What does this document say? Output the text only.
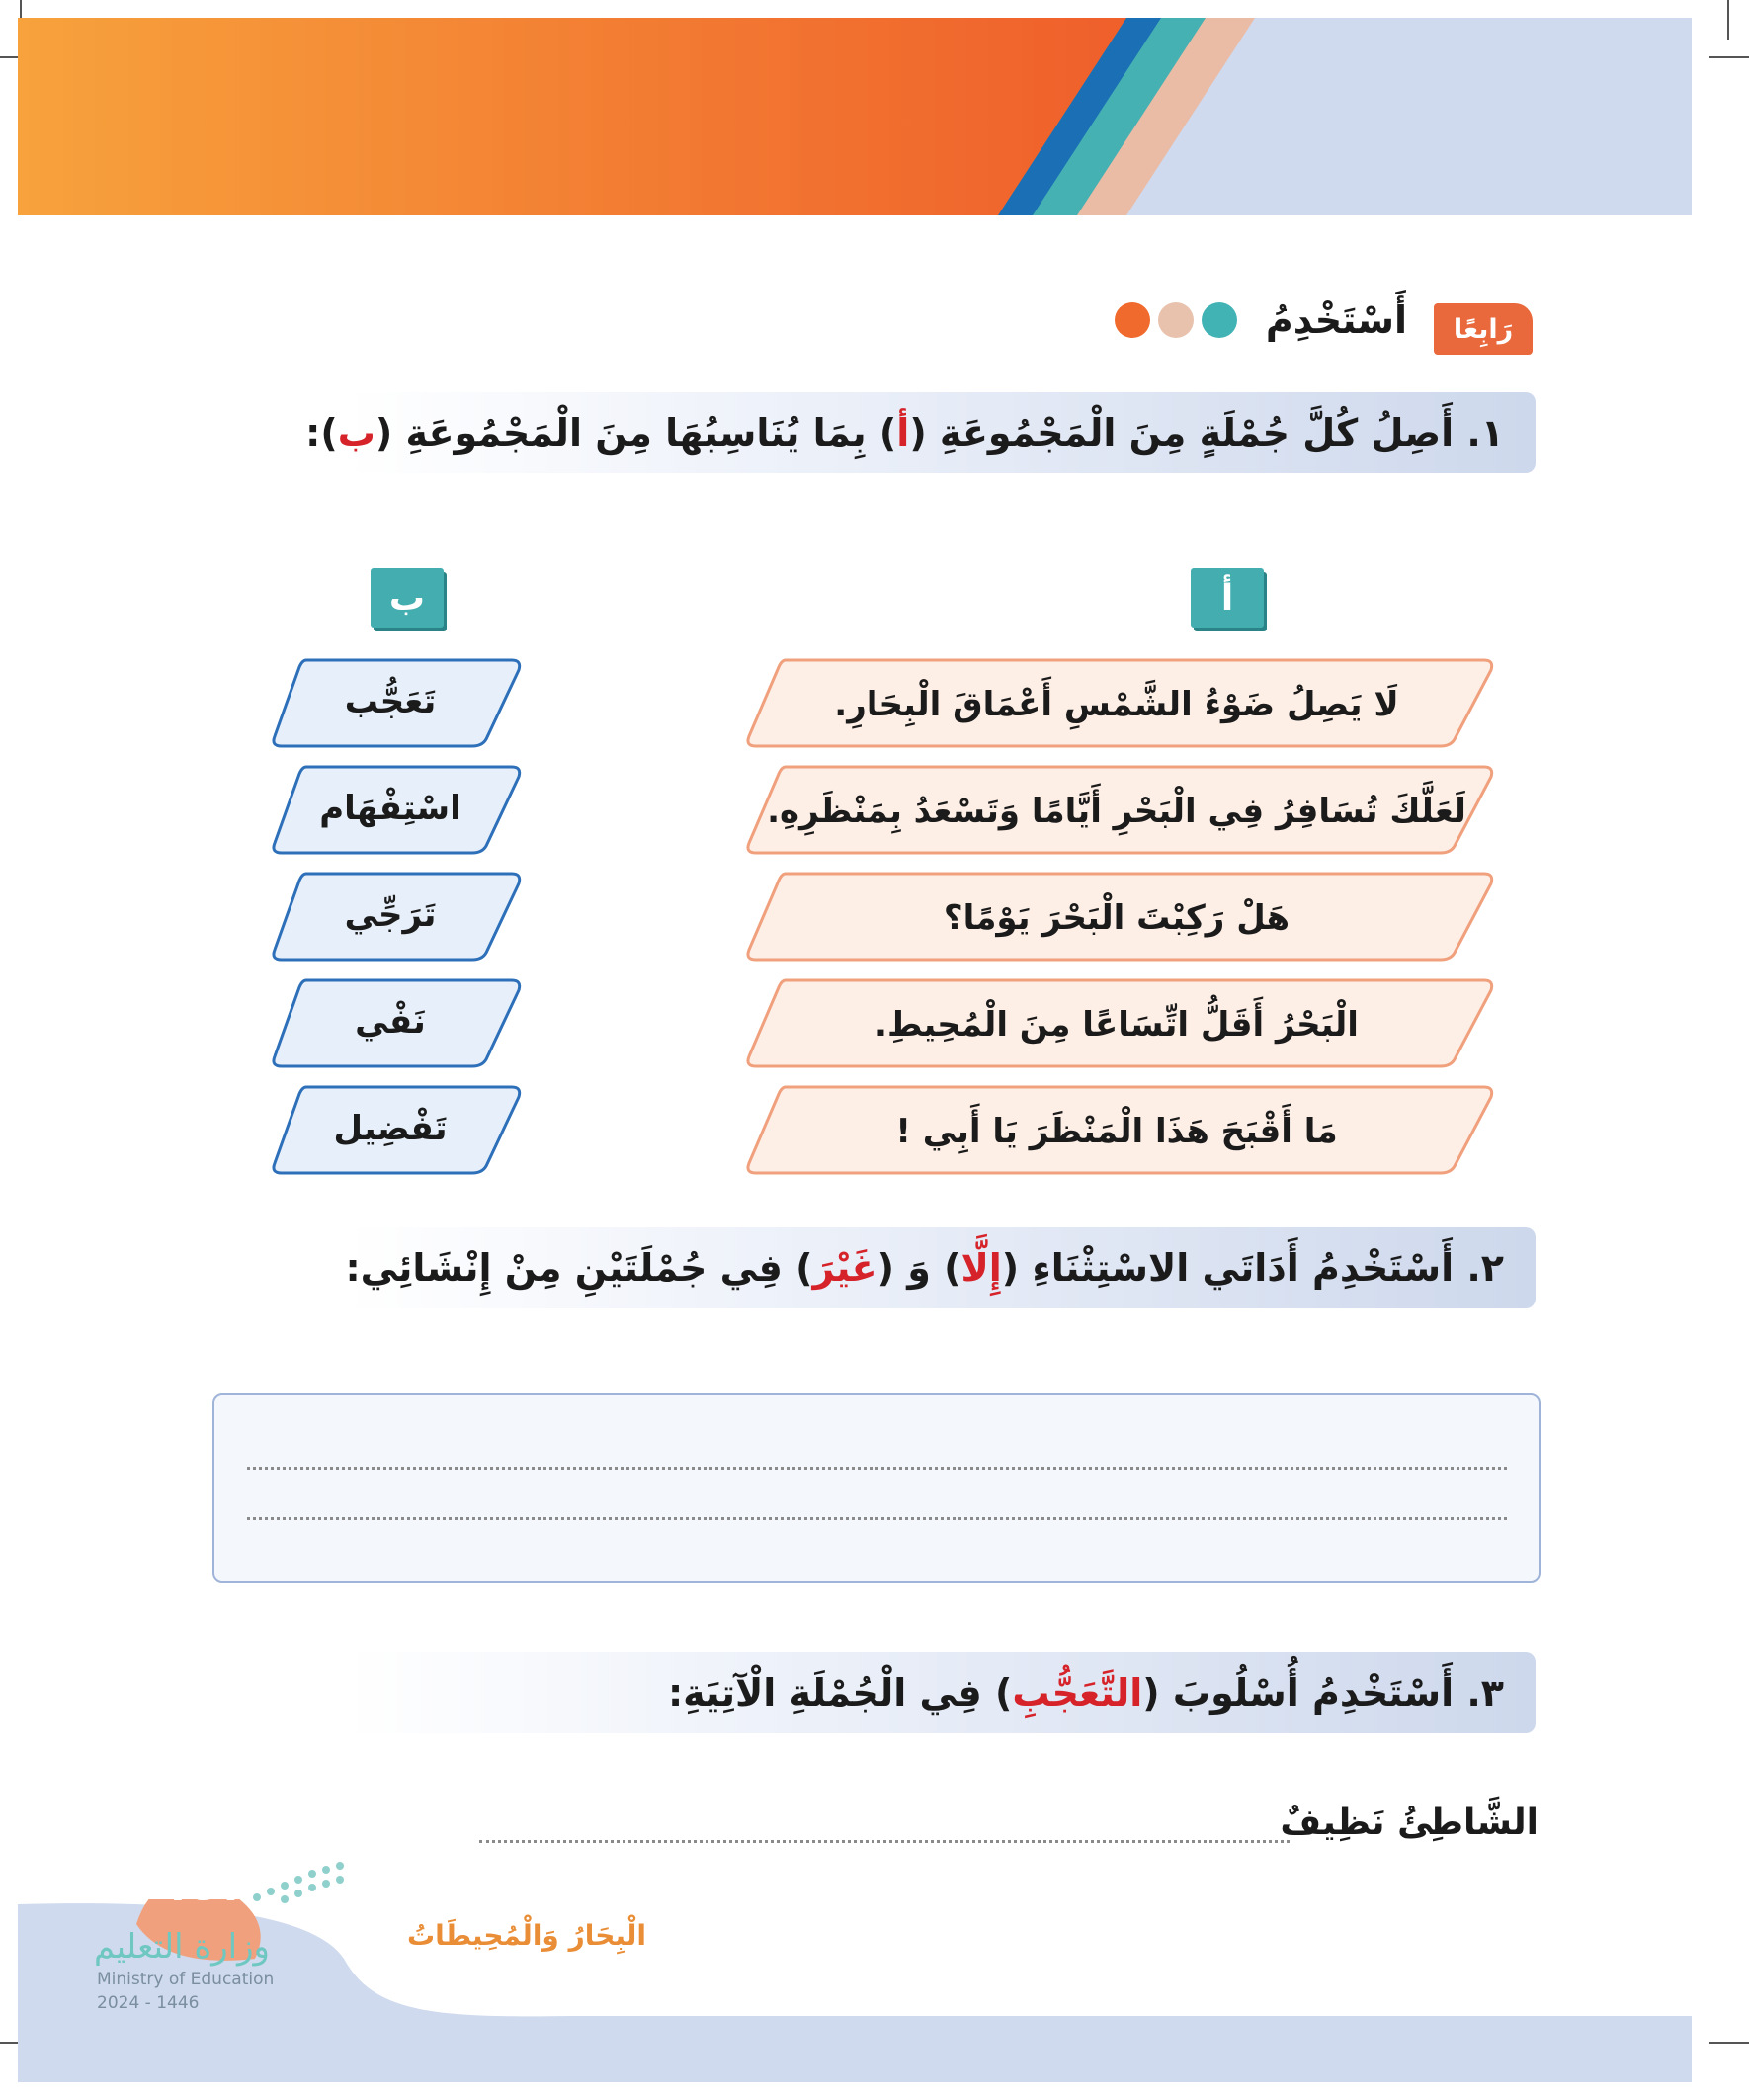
رَابِعًا
أَسْتَخْدِمُ
١.

أَصِلُ كُلَّ جُمْلَةٍ مِنَ الْمَجْمُوعَةِ (
أ
) بِمَا يُنَاسِبُهَا مِنَ الْمَجْمُوعَةِ (
ب
):
أ
ب
لَا يَصِلُ ضَوْءُ الشَّمْسِ أَعْمَاقَ الْبِحَارِ.
لَعَلَّكَ تُسَافِرُ فِي الْبَحْرِ أَيَّامًا وَتَسْعَدُ بِمَنْظَرِهِ.
هَلْ رَكِبْتَ الْبَحْرَ يَوْمًا؟
الْبَحْرُ أَقَلُّ اتِّسَاعًا مِنَ الْمُحِيطِ.
مَا أَقْبَحَ هَذَا الْمَنْظَرَ يَا أَبِي !
تَعَجُّب
اسْتِفْهَام
تَرَجِّي
نَفْي
تَفْضِيل
٢.

أَسْتَخْدِمُ أَدَاتَي الاسْتِثْنَاءِ (
إِلَّا
) وَ (
غَيْرَ
) فِي جُمْلَتَيْنِ مِنْ إِنْشَائِي:
٣.

أَسْتَخْدِمُ أُسْلُوبَ (
التَّعَجُّبِ
) فِي الْجُمْلَةِ الْآتِيَةِ:
الشَّاطِئُ نَظِيفٌ
١٤١
الْبِحَارُ وَالْمُحِيطَاتُ
وزارة التعليم
Ministry of Education
2024 - 1446
